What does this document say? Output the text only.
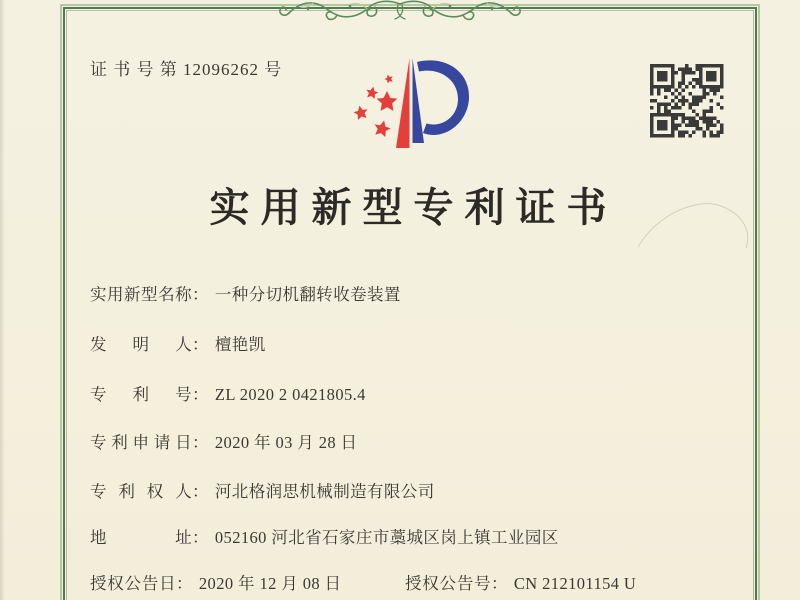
证 书 号 第 12096262 号
实用新型专利证书
实用新型名称： 一种分切机翻转收卷装置
发明人： 檀艳凯
专利号： ZL 2020 2 0421805.4
专利申请日： 2020 年 03 月 28 日
专利权人： 河北格润思机械制造有限公司
地址： 052160 河北省石家庄市藁城区岗上镇工业园区
授权公告日： 2020 年 12 月 08 日	授权公告号： CN 212101154 U
